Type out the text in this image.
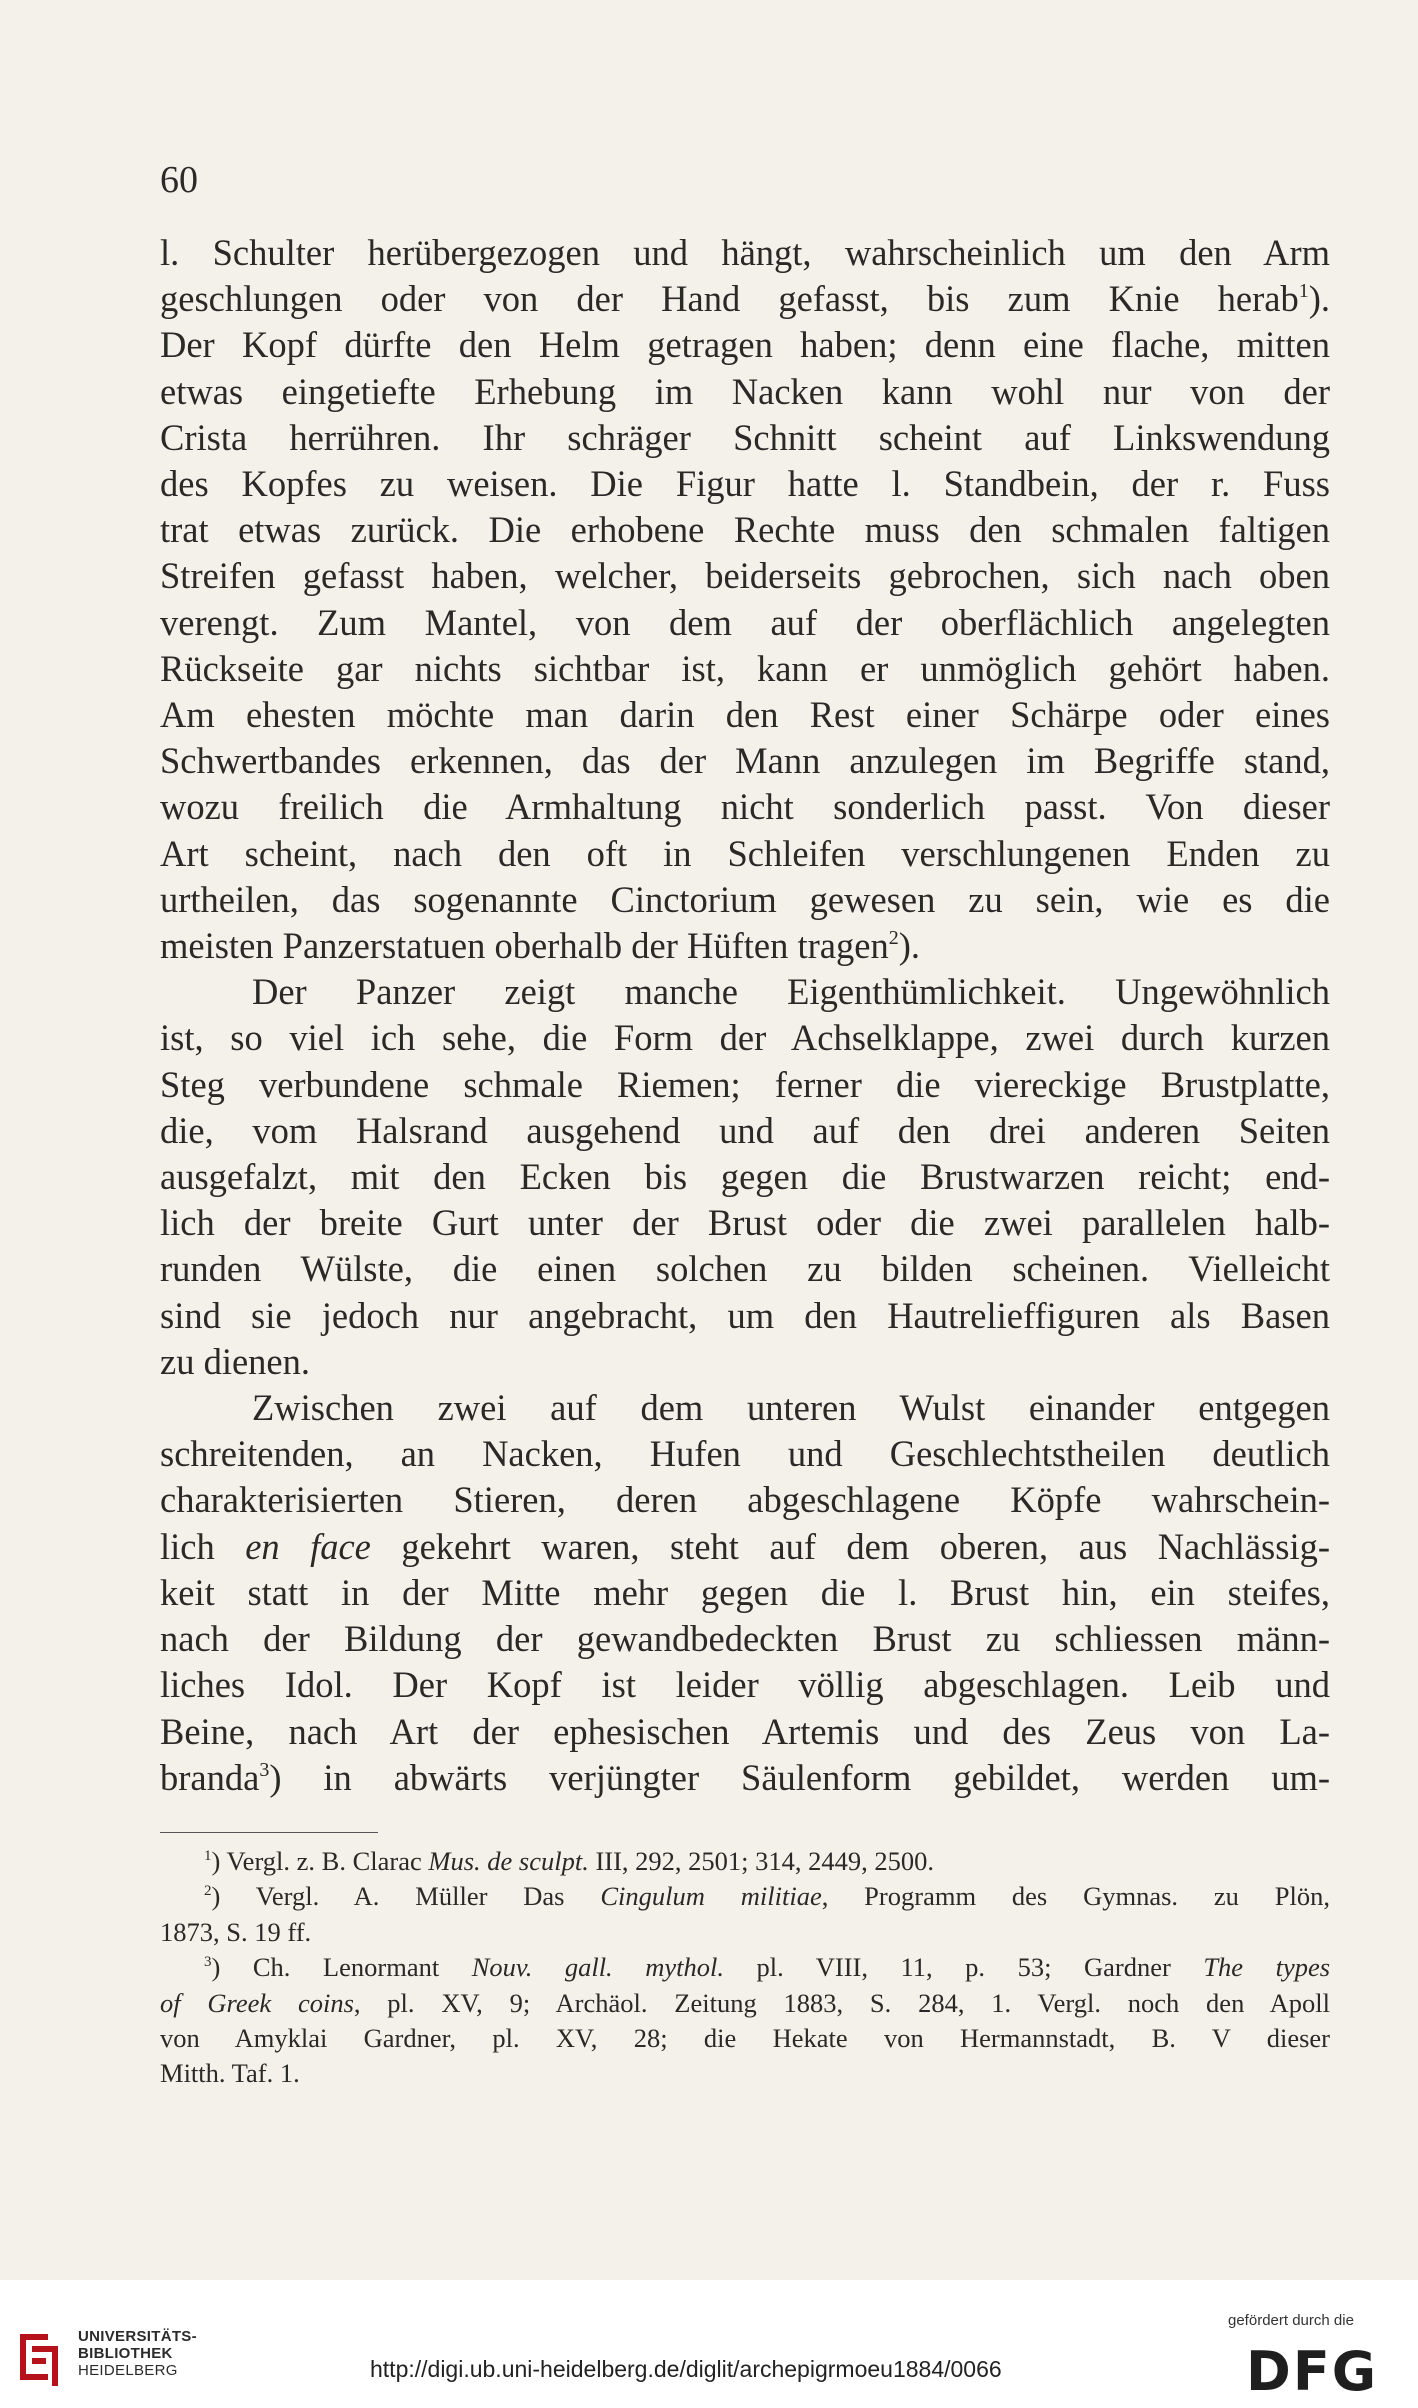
60
l. Schulter herübergezogen und hängt, wahrscheinlich um den Arm
geschlungen oder von der Hand gefasst, bis zum Knie herab$^1$).
Der Kopf dürfte den Helm getragen haben; denn eine flache, mitten
etwas eingetiefte Erhebung im Nacken kann wohl nur von der
Crista herrühren. Ihr schräger Schnitt scheint auf Linkswendung
des Kopfes zu weisen. Die Figur hatte l. Standbein, der r. Fuss
trat etwas zurück. Die erhobene Rechte muss den schmalen faltigen
Streifen gefasst haben, welcher, beiderseits gebrochen, sich nach oben
verengt. Zum Mantel, von dem auf der oberflächlich angelegten
Rückseite gar nichts sichtbar ist, kann er unmöglich gehört haben.
Am ehesten möchte man darin den Rest einer Schärpe oder eines
Schwertbandes erkennen, das der Mann anzulegen im Begriffe stand,
wozu freilich die Armhaltung nicht sonderlich passt. Von dieser
Art scheint, nach den oft in Schleifen verschlungenen Enden zu
urtheilen, das sogenannte Cinctorium gewesen zu sein, wie es die
meisten Panzerstatuen oberhalb der Hüften tragen$^2$).
Der Panzer zeigt manche Eigenthümlichkeit. Ungewöhnlich
ist, so viel ich sehe, die Form der Achselklappe, zwei durch kurzen
Steg verbundene schmale Riemen; ferner die viereckige Brustplatte,
die, vom Halsrand ausgehend und auf den drei anderen Seiten
ausgefalzt, mit den Ecken bis gegen die Brustwarzen reicht; end-
lich der breite Gurt unter der Brust oder die zwei parallelen halb-
runden Wülste, die einen solchen zu bilden scheinen. Vielleicht
sind sie jedoch nur angebracht, um den Hautrelieffiguren als Basen
zu dienen.
Zwischen zwei auf dem unteren Wulst einander entgegen
schreitenden, an Nacken, Hufen und Geschlechtstheilen deutlich
charakterisierten Stieren, deren abgeschlagene Köpfe wahrschein-
lich en face gekehrt waren, steht auf dem oberen, aus Nachlässig-
keit statt in der Mitte mehr gegen die l. Brust hin, ein steifes,
nach der Bildung der gewandbedeckten Brust zu schliessen männ-
liches Idol. Der Kopf ist leider völlig abgeschlagen. Leib und
Beine, nach Art der ephesischen Artemis und des Zeus von La-
branda$^3$) in abwärts verjüngter Säulenform gebildet, werden um-
$^1$) Vergl. z. B. Clarac Mus. de sculpt. III, 292, 2501; 314, 2449, 2500.
$^2$) Vergl. A. Müller Das Cingulum militiae, Programm des Gymnas. zu Plön,
1873, S. 19 ff.
$^3$) Ch. Lenormant Nouv. gall. mythol. pl. VIII, 11, p. 53; Gardner The types
of Greek coins, pl. XV, 9; Archäol. Zeitung 1883, S. 284, 1. Vergl. noch den Apoll
von Amyklai Gardner, pl. XV, 28; die Hekate von Hermannstadt, B. V dieser
Mitth. Taf. 1.
UNIVERSITÄTS-
BIBLIOTHEK
HEIDELBERG	http://digi.ub.uni-heidelberg.de/diglit/archepigrmoeu1884/0066
gefördert durch die
DFG
